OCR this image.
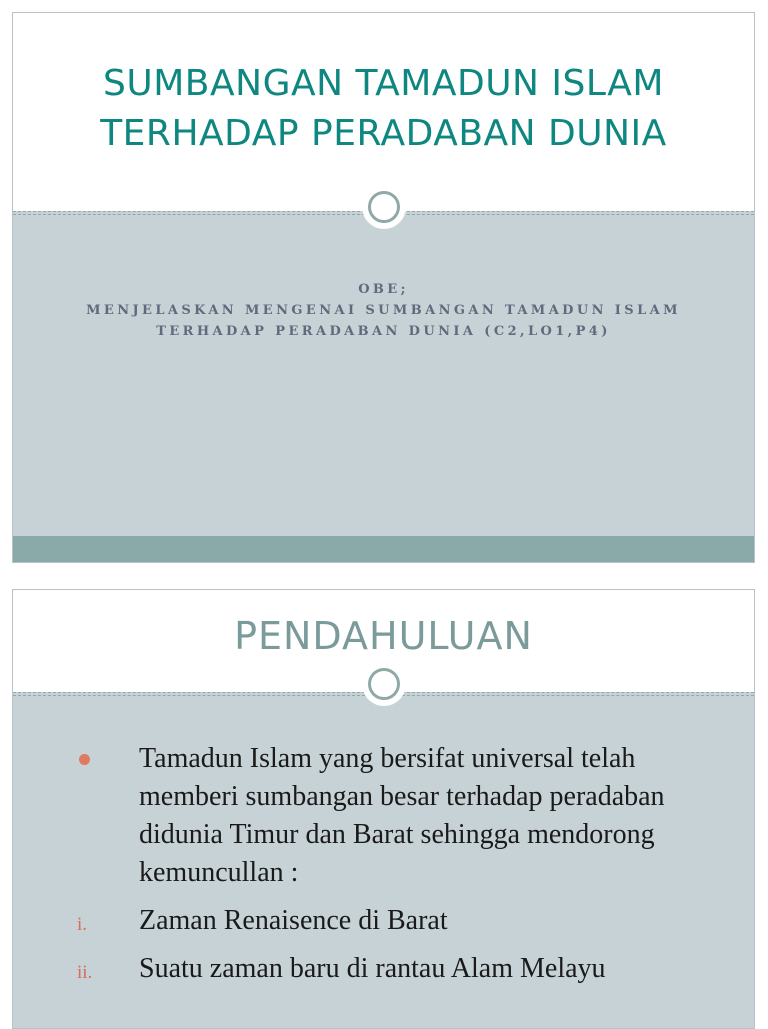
SUMBANGAN TAMADUN ISLAM TERHADAP PERADABAN DUNIA
OBE;
MENJELASKAN MENGENAI SUMBANGAN TAMADUN ISLAM
TERHADAP PERADABAN DUNIA (C2,LO1,P4)
PENDAHULUAN
Tamadun Islam yang bersifat universal telah memberi sumbangan besar terhadap peradaban didunia Timur dan Barat sehingga mendorong kemuncullan :
i. Zaman Renaisence di Barat
ii. Suatu zaman baru di rantau Alam Melayu
